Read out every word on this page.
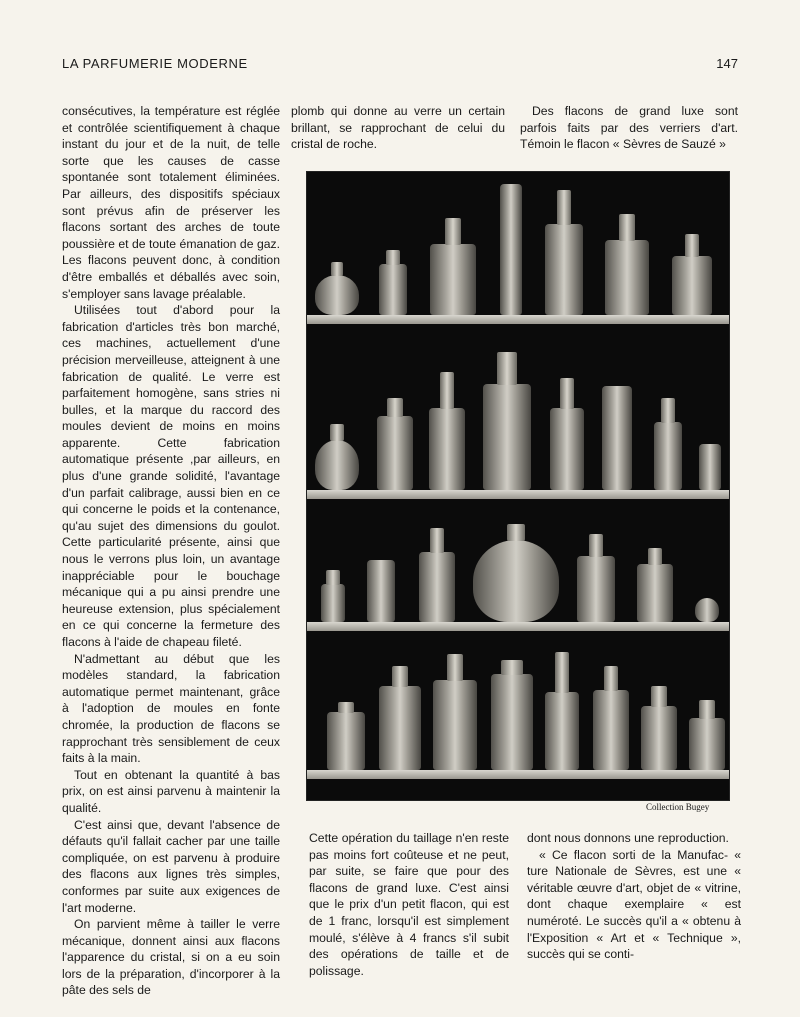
LA PARFUMERIE MODERNE	147

consécutives, la température est réglée et contrôlée scientifiquement à chaque instant du jour et de la nuit, de telle sorte que les causes de casse spontanée sont totalement éliminées. Par ailleurs, des dispositifs spéciaux sont prévus afin de préserver les flacons sortant des arches de toute poussière et de toute émanation de gaz. Les flacons peuvent donc, à condition d'être emballés et déballés avec soin, s'employer sans lavage préalable.

Utilisées tout d'abord pour la fabrication d'articles très bon marché, ces machines, actuellement d'une précision merveilleuse, atteignent à une fabrication de qualité. Le verre est parfaitement homogène, sans stries ni bulles, et la marque du raccord des moules devient de moins en moins apparente. Cette fabrication automatique présente ,par ailleurs, en plus d'une grande solidité, l'avantage d'un parfait calibrage, aussi bien en ce qui concerne le poids et la contenance, qu'au sujet des dimensions du goulot. Cette particularité présente, ainsi que nous le verrons plus loin, un avantage inappréciable pour le bouchage mécanique qui a pu ainsi prendre une heureuse extension, plus spécialement en ce qui concerne la fermeture des flacons à l'aide de chapeau fileté.

N'admettant au début que les modèles standard, la fabrication automatique permet maintenant, grâce à l'adoption de moules en fonte chromée, la production de flacons se rapprochant très sensiblement de ceux faits à la main.

Tout en obtenant la quantité à bas prix, on est ainsi parvenu à maintenir la qualité.

C'est ainsi que, devant l'absence de défauts qu'il fallait cacher par une taille compliquée, on est parvenu à produire des flacons aux lignes très simples, conformes par suite aux exigences de l'art moderne.

On parvient même à tailler le verre mécanique, donnent ainsi aux flacons l'apparence du cristal, si on a eu soin lors de la préparation, d'incorporer à la pâte des sels de

plomb qui donne au verre un certain brillant, se rapprochant de celui du cristal de roche.

Des flacons de grand luxe sont parfois faits par des verriers d'art. Témoin le flacon « Sèvres de Sauzé »

Collection Bugey

Cette opération du taillage n'en reste pas moins fort coûteuse et ne peut, par suite, se faire que pour des flacons de grand luxe. C'est ainsi que le prix d'un petit flacon, qui est de 1 franc, lorsqu'il est simplement moulé, s'élève à 4 francs s'il subit des opérations de taille et de polissage.

dont nous donnons une reproduction.

« Ce flacon sorti de la Manufac- « ture Nationale de Sèvres, est une « véritable œuvre d'art, objet de « vitrine, dont chaque exemplaire « est numéroté. Le succès qu'il a « obtenu à l'Exposition « Art et « Technique », succès qui se conti-
